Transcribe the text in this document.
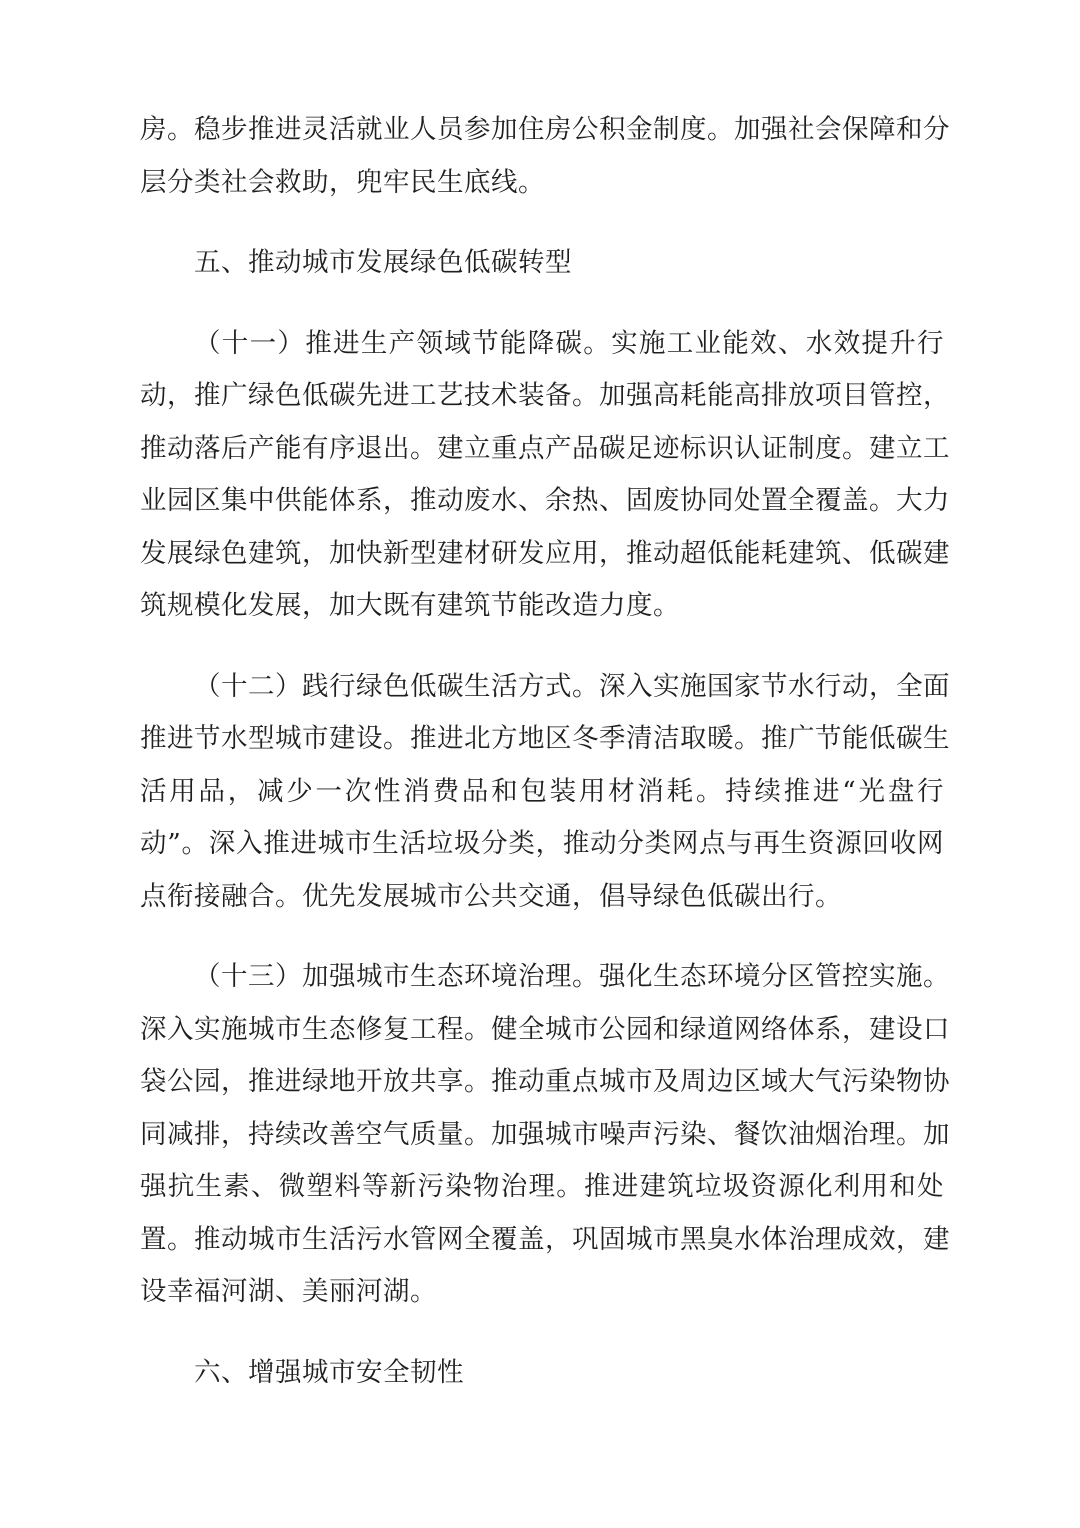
房。稳步推进灵活就业人员参加住房公积金制度。加强社会保障和分
层分类社会救助，兜牢民生底线。
五、推动城市发展绿色低碳转型
（十一）推进生产领域节能降碳。实施工业能效、水效提升行
动，推广绿色低碳先进工艺技术装备。加强高耗能高排放项目管控，
推动落后产能有序退出。建立重点产品碳足迹标识认证制度。建立工
业园区集中供能体系，推动废水、余热、固废协同处置全覆盖。大力
发展绿色建筑，加快新型建材研发应用，推动超低能耗建筑、低碳建
筑规模化发展，加大既有建筑节能改造力度。
（十二）践行绿色低碳生活方式。深入实施国家节水行动，全面
推进节水型城市建设。推进北方地区冬季清洁取暖。推广节能低碳生
活用品，减少一次性消费品和包装用材消耗。持续推进“光盘行
动”。深入推进城市生活垃圾分类，推动分类网点与再生资源回收网
点衔接融合。优先发展城市公共交通，倡导绿色低碳出行。
（十三）加强城市生态环境治理。强化生态环境分区管控实施。
深入实施城市生态修复工程。健全城市公园和绿道网络体系，建设口
袋公园，推进绿地开放共享。推动重点城市及周边区域大气污染物协
同减排，持续改善空气质量。加强城市噪声污染、餐饮油烟治理。加
强抗生素、微塑料等新污染物治理。推进建筑垃圾资源化利用和处
置。推动城市生活污水管网全覆盖，巩固城市黑臭水体治理成效，建
设幸福河湖、美丽河湖。
六、增强城市安全韧性
